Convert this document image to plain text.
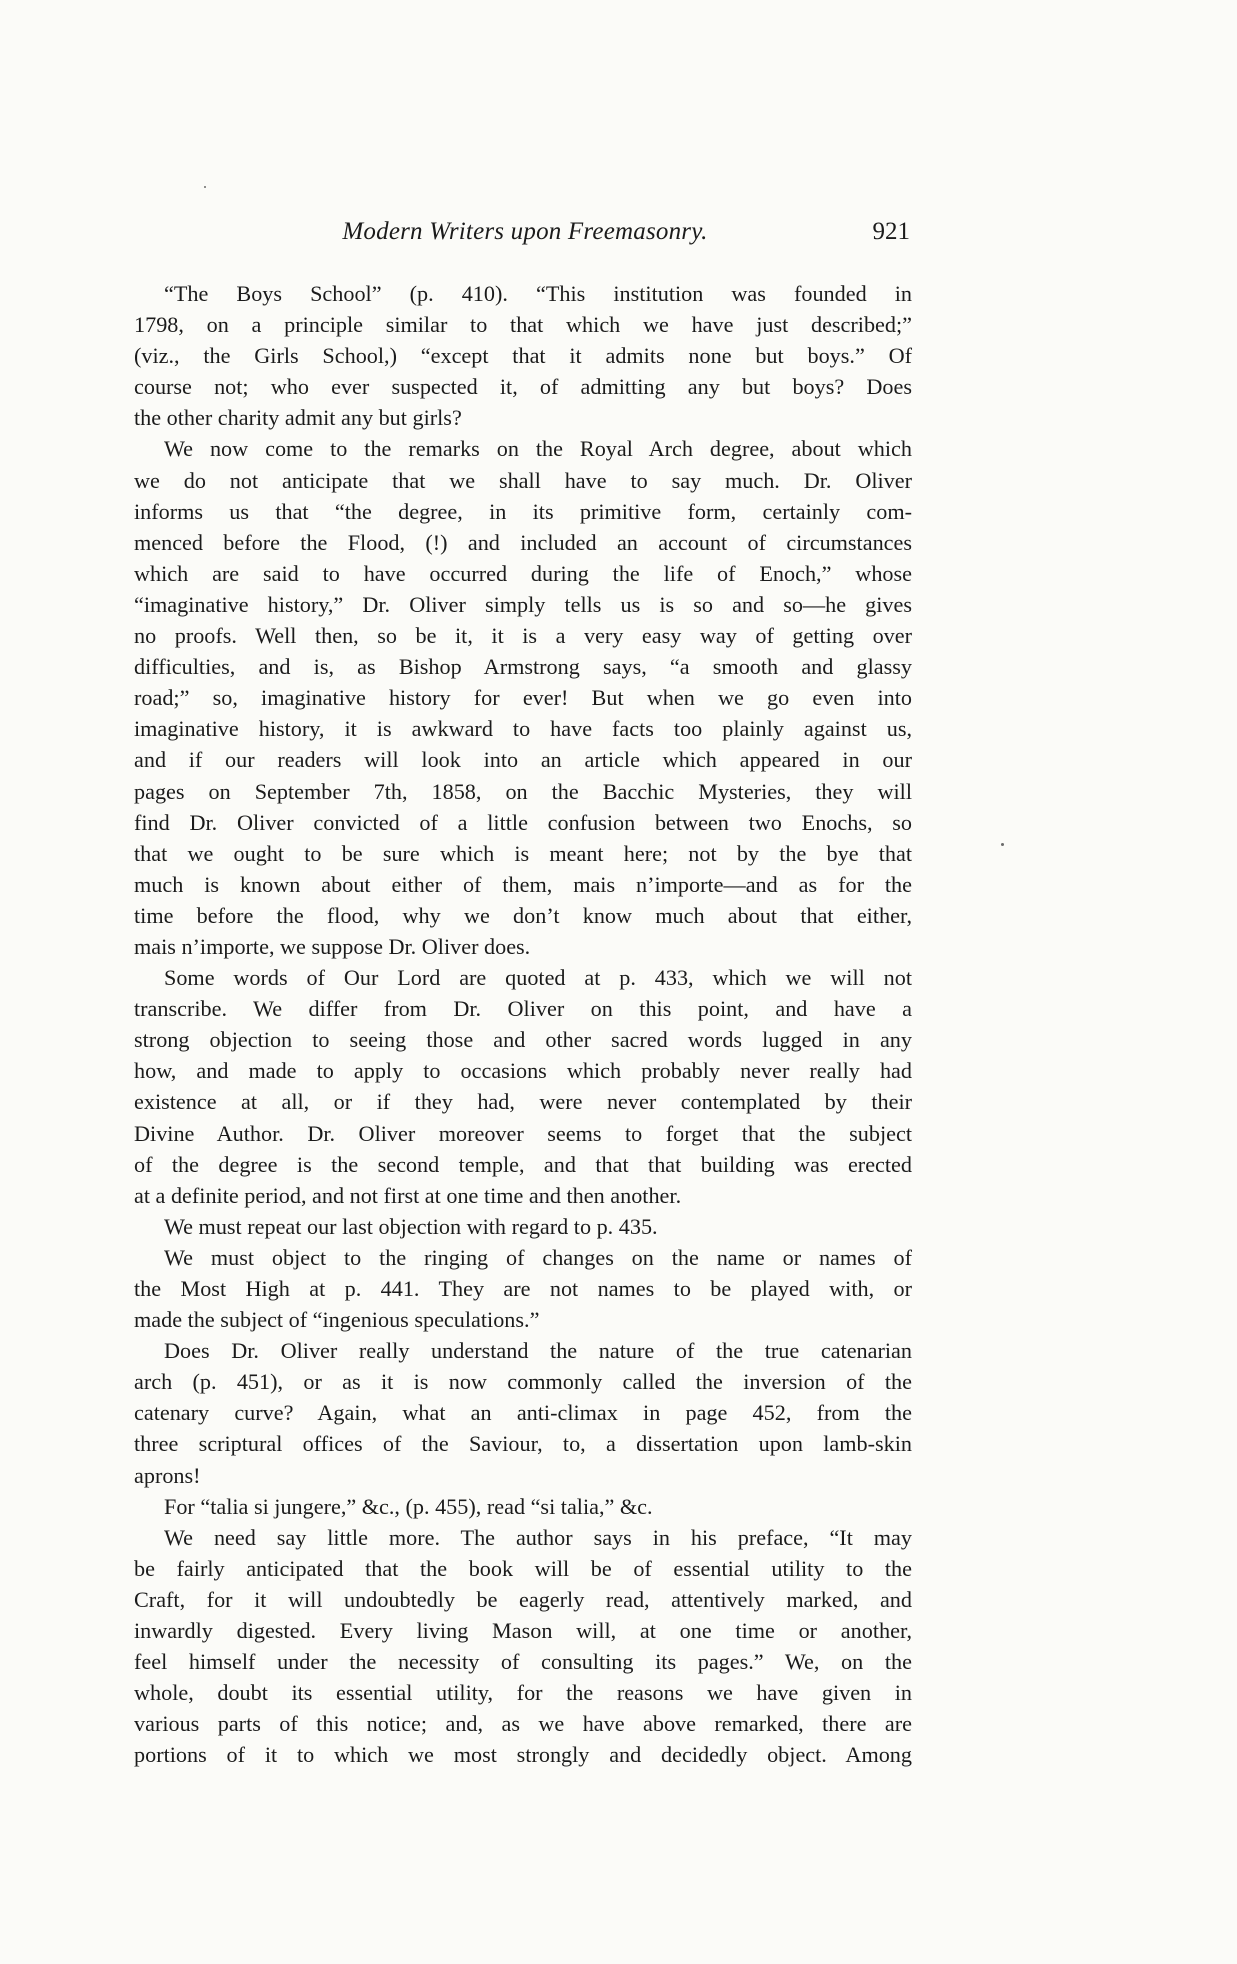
Modern Writers upon Freemasonry.	921
“The Boys School” (p. 410). “This institution was founded in
1798, on a principle similar to that which we have just described;”
(viz., the Girls School,) “except that it admits none but boys.” Of
course not; who ever suspected it, of admitting any but boys? Does
the other charity admit any but girls?
We now come to the remarks on the Royal Arch degree, about which
we do not anticipate that we shall have to say much. Dr. Oliver
informs us that “the degree, in its primitive form, certainly com-
menced before the Flood, (!) and included an account of circumstances
which are said to have occurred during the life of Enoch,” whose
“imaginative history,” Dr. Oliver simply tells us is so and so—he gives
no proofs. Well then, so be it, it is a very easy way of getting over
difficulties, and is, as Bishop Armstrong says, “a smooth and glassy
road;” so, imaginative history for ever! But when we go even into
imaginative history, it is awkward to have facts too plainly against us,
and if our readers will look into an article which appeared in our
pages on September 7th, 1858, on the Bacchic Mysteries, they will
find Dr. Oliver convicted of a little confusion between two Enochs, so
that we ought to be sure which is meant here; not by the bye that
much is known about either of them, mais n’importe—and as for the
time before the flood, why we don’t know much about that either,
mais n’importe, we suppose Dr. Oliver does.
Some words of Our Lord are quoted at p. 433, which we will not
transcribe. We differ from Dr. Oliver on this point, and have a
strong objection to seeing those and other sacred words lugged in any
how, and made to apply to occasions which probably never really had
existence at all, or if they had, were never contemplated by their
Divine Author. Dr. Oliver moreover seems to forget that the subject
of the degree is the second temple, and that that building was erected
at a definite period, and not first at one time and then another.
We must repeat our last objection with regard to p. 435.
We must object to the ringing of changes on the name or names of
the Most High at p. 441. They are not names to be played with, or
made the subject of “ingenious speculations.”
Does Dr. Oliver really understand the nature of the true catenarian
arch (p. 451), or as it is now commonly called the inversion of the
catenary curve? Again, what an anti-climax in page 452, from the
three scriptural offices of the Saviour, to, a dissertation upon lamb-skin
aprons!
For “talia si jungere,” &c., (p. 455), read “si talia,” &c.
We need say little more. The author says in his preface, “It may
be fairly anticipated that the book will be of essential utility to the
Craft, for it will undoubtedly be eagerly read, attentively marked, and
inwardly digested. Every living Mason will, at one time or another,
feel himself under the necessity of consulting its pages.” We, on the
whole, doubt its essential utility, for the reasons we have given in
various parts of this notice; and, as we have above remarked, there are
portions of it to which we most strongly and decidedly object. Among
